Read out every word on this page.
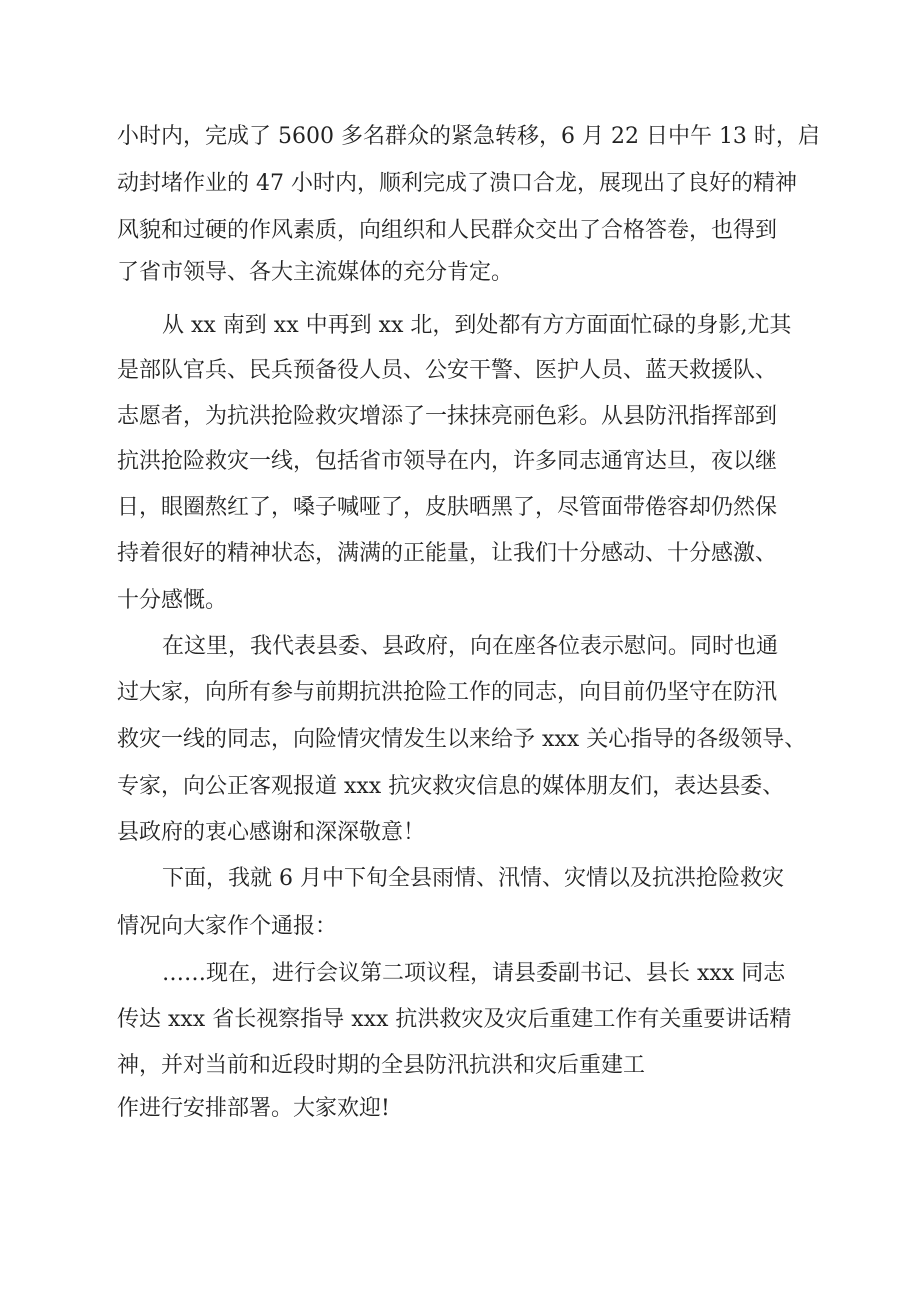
小时内，完成了 5600 多名群众的紧急转移，6 月 22 日中午 13 时，启
动封堵作业的 47 小时内，顺利完成了溃口合龙，展现出了良好的精神
风貌和过硬的作风素质，向组织和人民群众交出了合格答卷，也得到
了省市领导、各大主流媒体的充分肯定。
从 xx 南到 xx 中再到 xx 北，到处都有方方面面忙碌的身影,尤其
是部队官兵、民兵预备役人员、公安干警、医护人员、蓝天救援队、
志愿者，为抗洪抢险救灾增添了一抹抹亮丽色彩。从县防汛指挥部到
抗洪抢险救灾一线，包括省市领导在内，许多同志通宵达旦，夜以继
日，眼圈熬红了，嗓子喊哑了，皮肤晒黑了，尽管面带倦容却仍然保
持着很好的精神状态，满满的正能量，让我们十分感动、十分感激、
十分感慨。
在这里，我代表县委、县政府，向在座各位表示慰问。同时也通
过大家，向所有参与前期抗洪抢险工作的同志，向目前仍坚守在防汛
救灾一线的同志，向险情灾情发生以来给予 xxx 关心指导的各级领导、
专家，向公正客观报道 xxx 抗灾救灾信息的媒体朋友们，表达县委、
县政府的衷心感谢和深深敬意！
下面，我就 6 月中下旬全县雨情、汛情、灾情以及抗洪抢险救灾
情况向大家作个通报：
……现在，进行会议第二项议程，请县委副书记、县长 xxx 同志
传达 xxx 省长视察指导 xxx 抗洪救灾及灾后重建工作有关重要讲话精
神，并对当前和近段时期的全县防汛抗洪和灾后重建工
作进行安排部署。大家欢迎!
